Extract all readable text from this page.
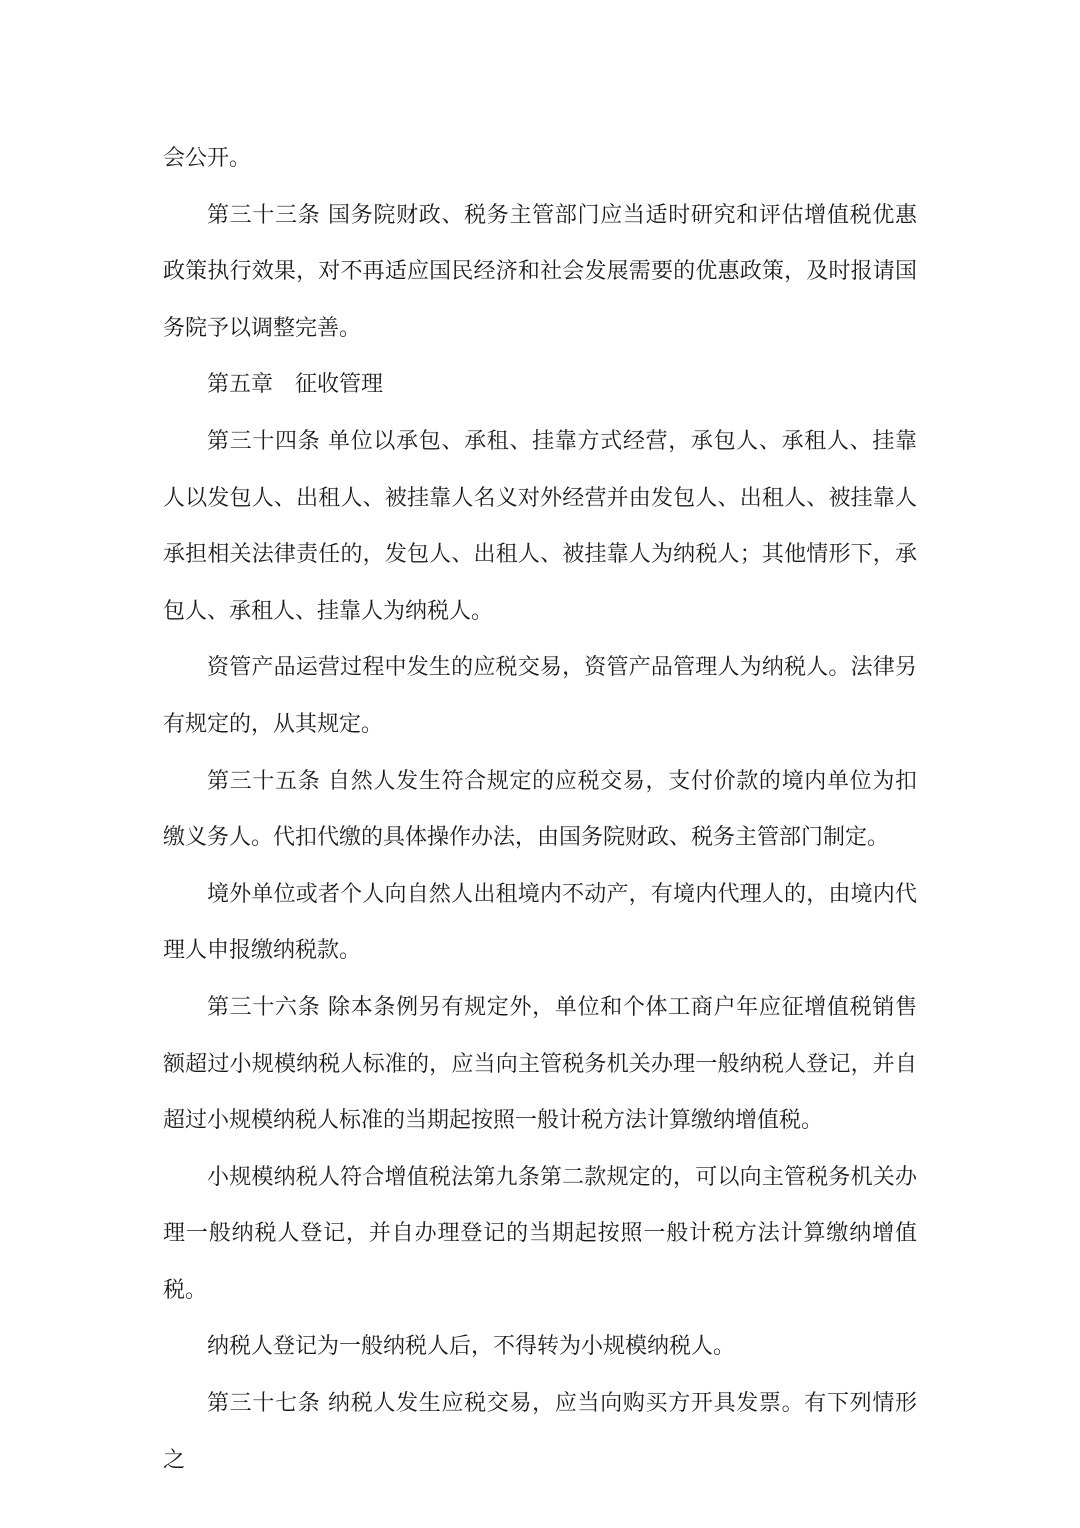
会公开。

第三十三条 国务院财政、税务主管部门应当适时研究和评估增值税优惠政策执行效果，对不再适应国民经济和社会发展需要的优惠政策，及时报请国务院予以调整完善。

第五章 征收管理

第三十四条 单位以承包、承租、挂靠方式经营，承包人、承租人、挂靠人以发包人、出租人、被挂靠人名义对外经营并由发包人、出租人、被挂靠人承担相关法律责任的，发包人、出租人、被挂靠人为纳税人；其他情形下，承包人、承租人、挂靠人为纳税人。

资管产品运营过程中发生的应税交易，资管产品管理人为纳税人。法律另有规定的，从其规定。

第三十五条 自然人发生符合规定的应税交易，支付价款的境内单位为扣缴义务人。代扣代缴的具体操作办法，由国务院财政、税务主管部门制定。

境外单位或者个人向自然人出租境内不动产，有境内代理人的，由境内代理人申报缴纳税款。

第三十六条 除本条例另有规定外，单位和个体工商户年应征增值税销售额超过小规模纳税人标准的，应当向主管税务机关办理一般纳税人登记，并自超过小规模纳税人标准的当期起按照一般计税方法计算缴纳增值税。

小规模纳税人符合增值税法第九条第二款规定的，可以向主管税务机关办理一般纳税人登记，并自办理登记的当期起按照一般计税方法计算缴纳增值税。

纳税人登记为一般纳税人后，不得转为小规模纳税人。

第三十七条 纳税人发生应税交易，应当向购买方开具发票。有下列情形之
